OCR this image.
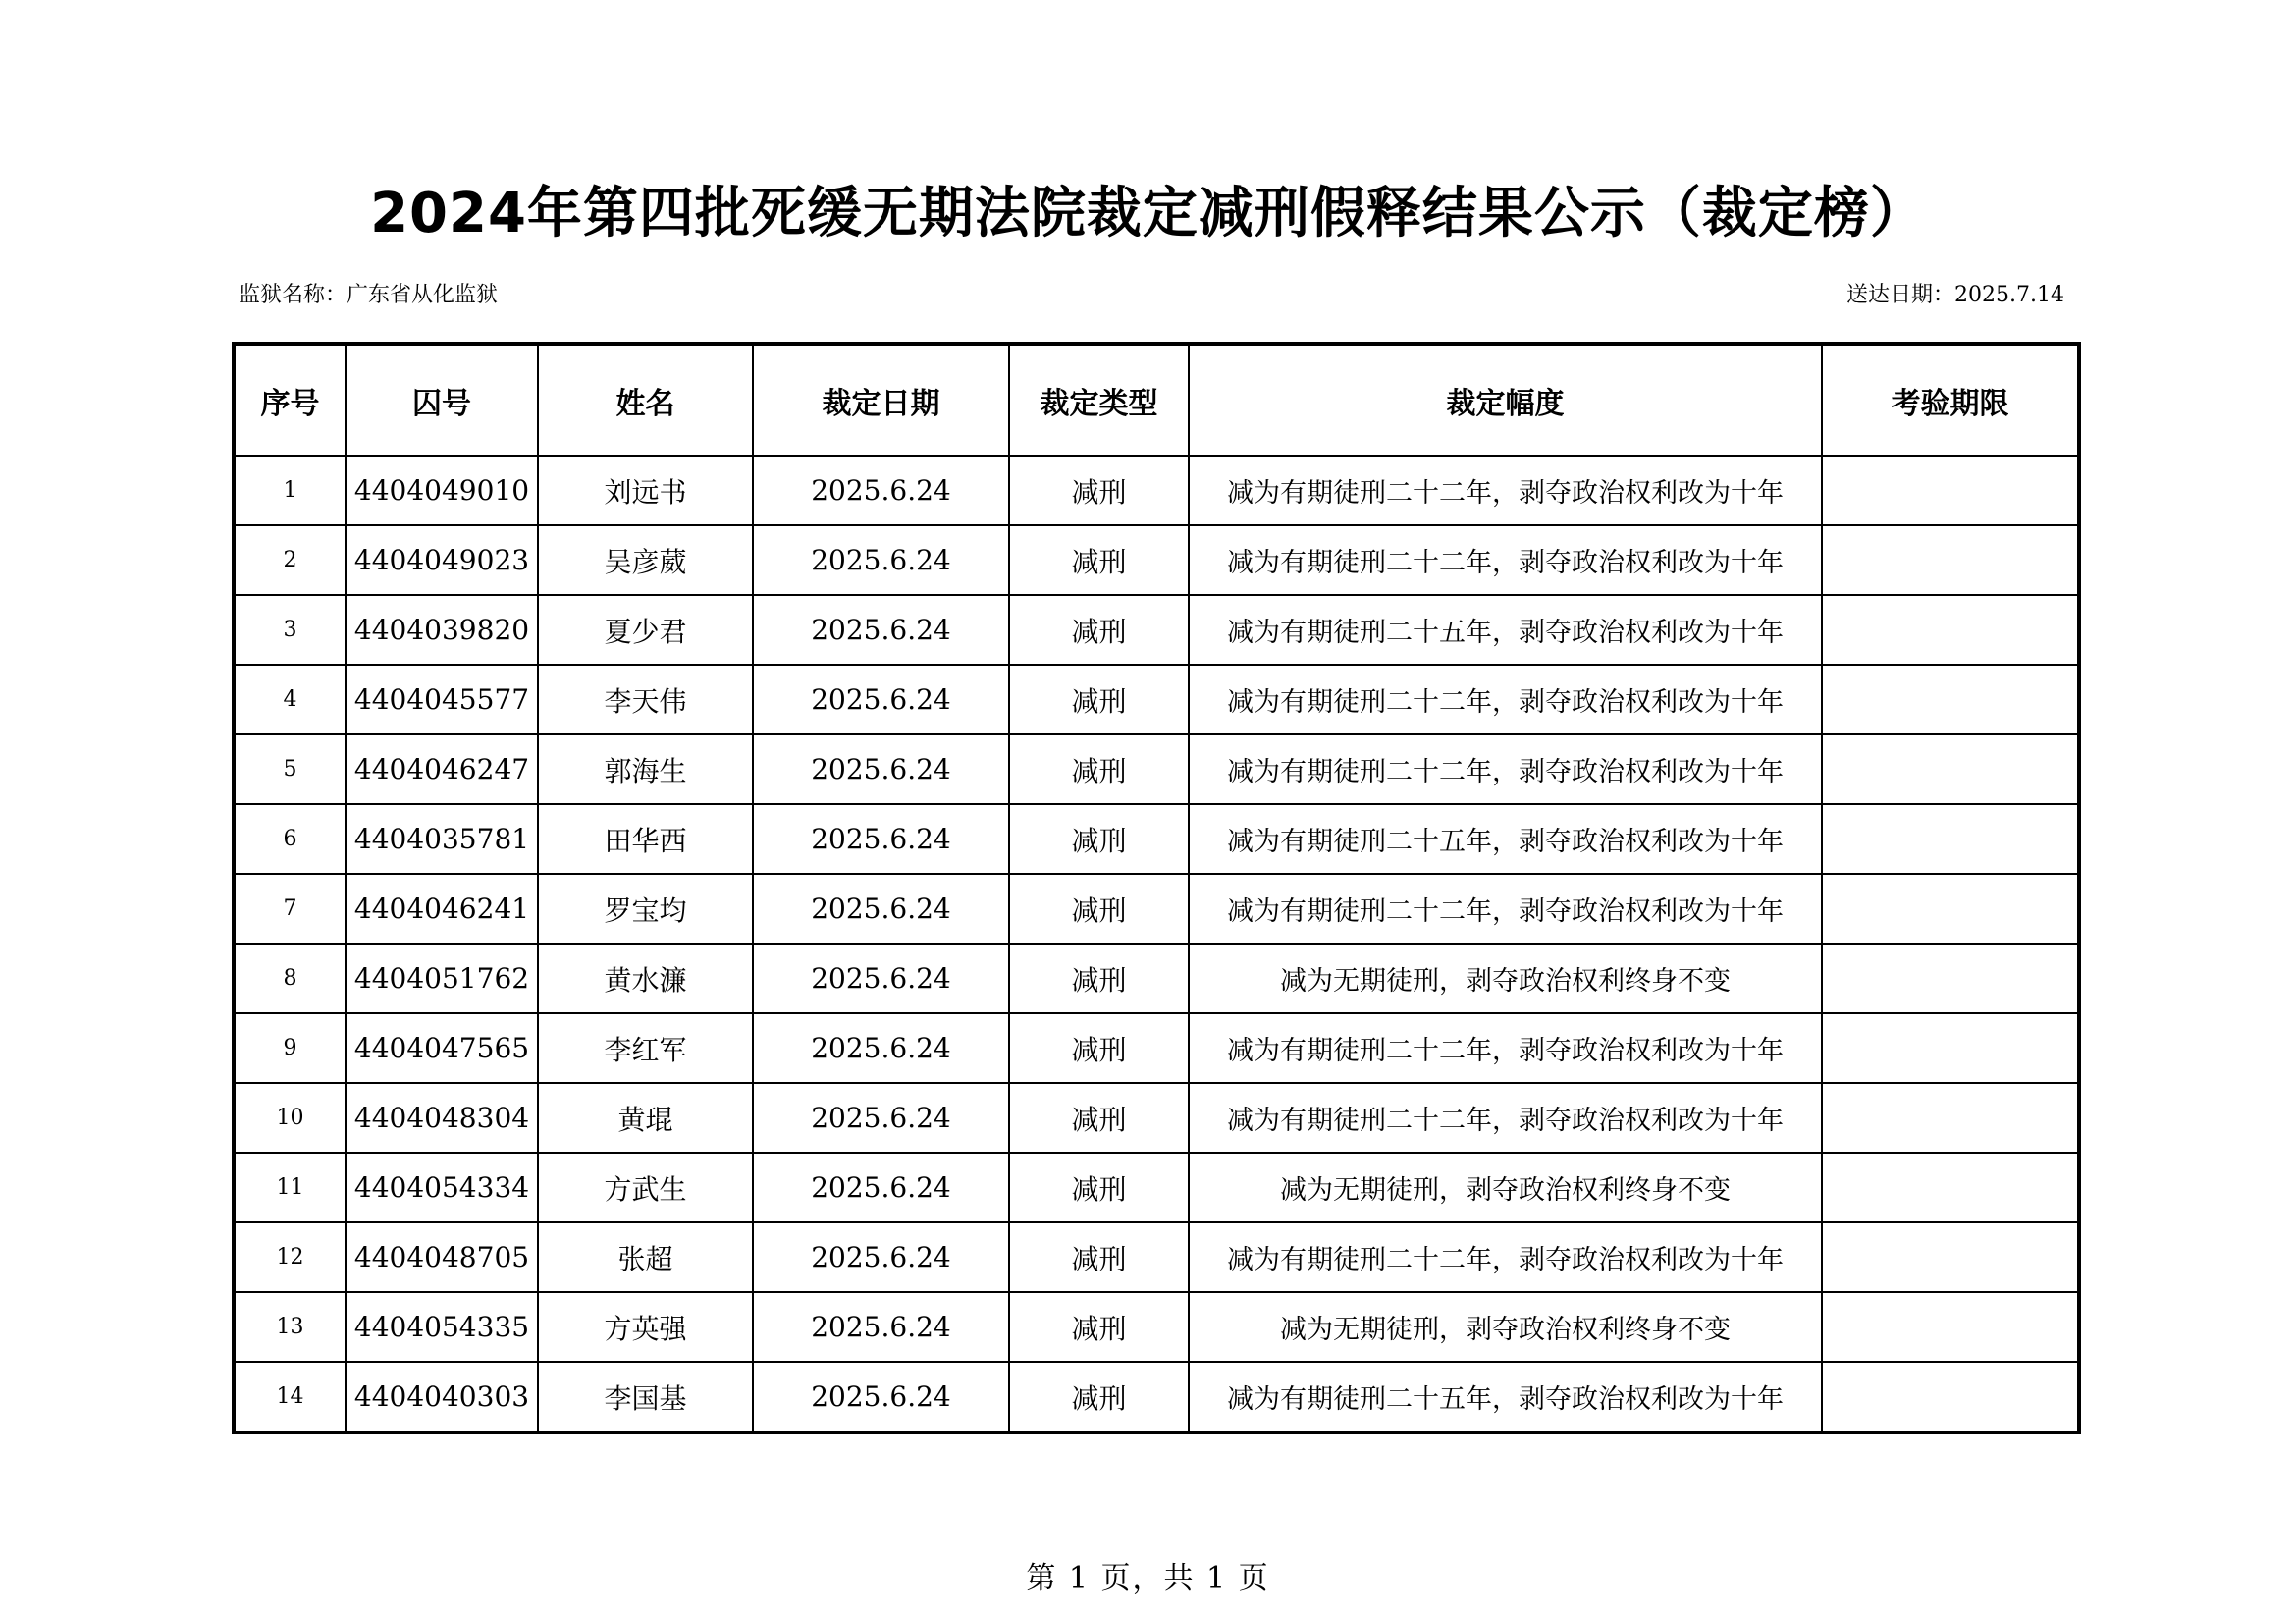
2024年第四批死缓无期法院裁定减刑假释结果公示（裁定榜）
监狱名称：广东省从化监狱	送达日期：2025.7.14
序号	囚号	姓名	裁定日期	裁定类型	裁定幅度	考验期限
1	4404049010	刘远书	2025.6.24	减刑	减为有期徒刑二十二年，剥夺政治权利改为十年	
2	4404049023	吴彦葳	2025.6.24	减刑	减为有期徒刑二十二年，剥夺政治权利改为十年	
3	4404039820	夏少君	2025.6.24	减刑	减为有期徒刑二十五年，剥夺政治权利改为十年	
4	4404045577	李天伟	2025.6.24	减刑	减为有期徒刑二十二年，剥夺政治权利改为十年	
5	4404046247	郭海生	2025.6.24	减刑	减为有期徒刑二十二年，剥夺政治权利改为十年	
6	4404035781	田华西	2025.6.24	减刑	减为有期徒刑二十五年，剥夺政治权利改为十年	
7	4404046241	罗宝均	2025.6.24	减刑	减为有期徒刑二十二年，剥夺政治权利改为十年	
8	4404051762	黄水濂	2025.6.24	减刑	减为无期徒刑，剥夺政治权利终身不变	
9	4404047565	李红军	2025.6.24	减刑	减为有期徒刑二十二年，剥夺政治权利改为十年	
10	4404048304	黄琨	2025.6.24	减刑	减为有期徒刑二十二年，剥夺政治权利改为十年	
11	4404054334	方武生	2025.6.24	减刑	减为无期徒刑，剥夺政治权利终身不变	
12	4404048705	张超	2025.6.24	减刑	减为有期徒刑二十二年，剥夺政治权利改为十年	
13	4404054335	方英强	2025.6.24	减刑	减为无期徒刑，剥夺政治权利终身不变	
14	4404040303	李国基	2025.6.24	减刑	减为有期徒刑二十五年，剥夺政治权利改为十年	
第 1 页，共 1 页
